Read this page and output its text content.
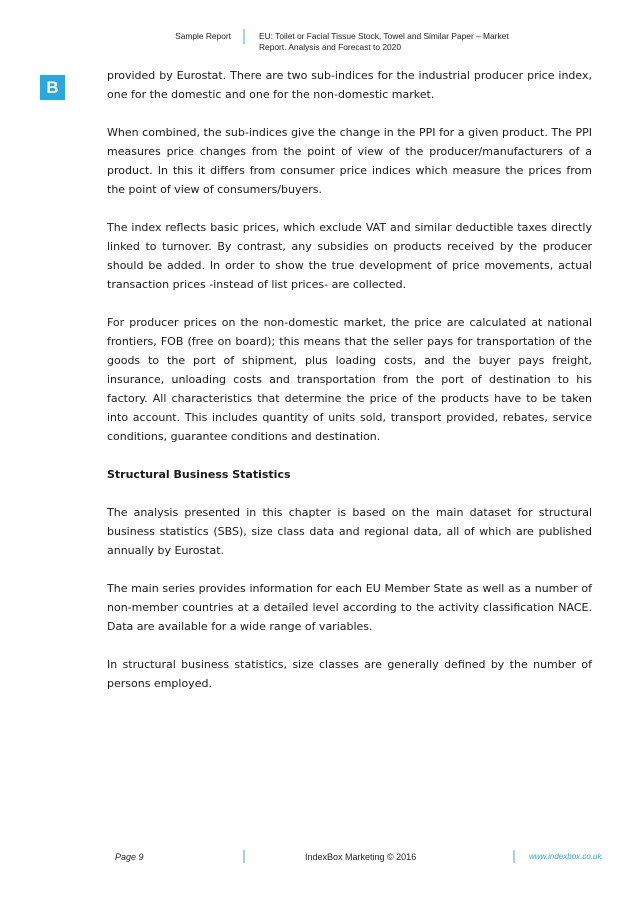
Sample Report	EU: Toilet or Facial Tissue Stock, Towel and Similar Paper – Market
Report. Analysis and Forecast to 2020
B

provided by Eurostat. There are two sub-indices for the industrial producer price index, one for the domestic and one for the non-domestic market.

When combined, the sub-indices give the change in the PPI for a given product. The PPI measures price changes from the point of view of the producer/manufacturers of a product. In this it differs from consumer price indices which measure the prices from the point of view of consumers/buyers.

The index reflects basic prices, which exclude VAT and similar deductible taxes directly linked to turnover. By contrast, any subsidies on products received by the producer should be added. In order to show the true development of price movements, actual transaction prices -instead of list prices- are collected.

For producer prices on the non-domestic market, the price are calculated at national frontiers, FOB (free on board); this means that the seller pays for transportation of the goods to the port of shipment, plus loading costs, and the buyer pays freight, insurance, unloading costs and transportation from the port of destination to his factory. All characteristics that determine the price of the products have to be taken into account. This includes quantity of units sold, transport provided, rebates, service conditions, guarantee conditions and destination.

Structural Business Statistics

The analysis presented in this chapter is based on the main dataset for structural business statistics (SBS), size class data and regional data, all of which are published annually by Eurostat.

The main series provides information for each EU Member State as well as a number of non-member countries at a detailed level according to the activity classification NACE. Data are available for a wide range of variables.

In structural business statistics, size classes are generally defined by the number of persons employed.

Page 9	IndexBox Marketing © 2016	www.indexbox.co.uk
